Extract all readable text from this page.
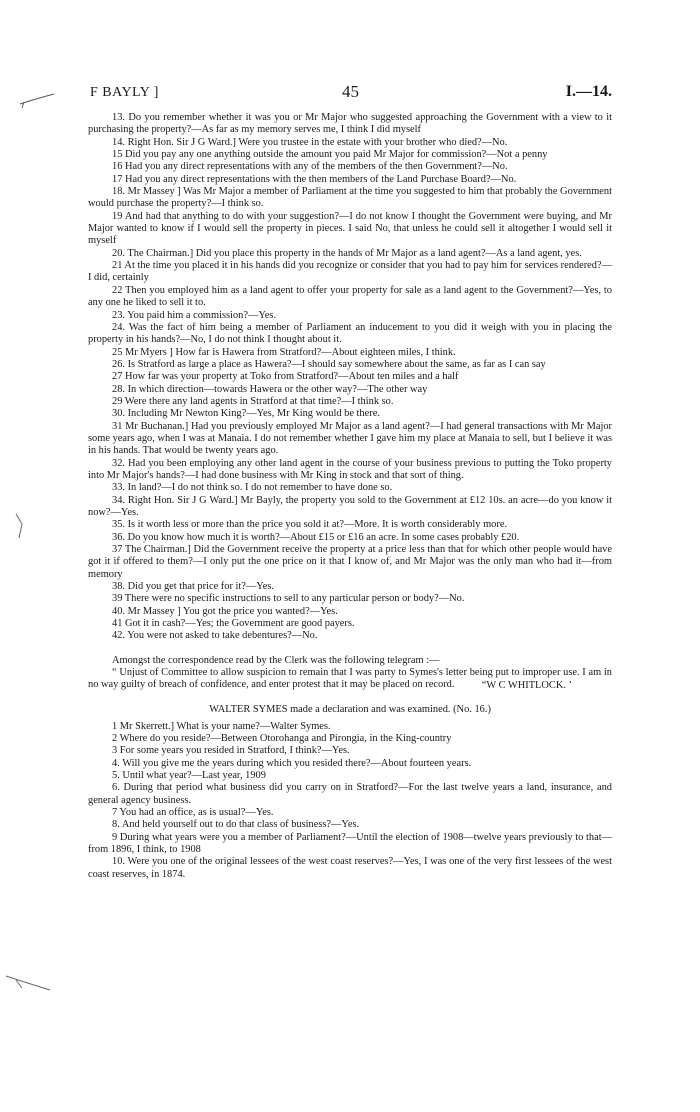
F BAYLY ]	45	I.—14.

13. Do you remember whether it was you or Mr Major who suggested approaching the Government with a view to it purchasing the property?—As far as my memory serves me, I think I did myself

14. Right Hon. Sir J G Ward.] Were you trustee in the estate with your brother who died?—No.

15 Did you pay any one anything outside the amount you paid Mr Major for commission?—Not a penny

16 Had you any direct representations with any of the members of the then Government?—No.

17 Had you any direct representations with the then members of the Land Purchase Board?—No.

18. Mr Massey ] Was Mr Major a member of Parliament at the time you suggested to him that probably the Government would purchase the property?—I think so.

19 And had that anything to do with your suggestion?—I do not know I thought the Government were buying, and Mr Major wanted to know if I would sell the property in pieces. I said No, that unless he could sell it altogether I would sell it myself

20. The Chairman.] Did you place this property in the hands of Mr Major as a land agent?—As a land agent, yes.

21 At the time you placed it in his hands did you recognize or consider that you had to pay him for services rendered?—I did, certainly

22 Then you employed him as a land agent to offer your property for sale as a land agent to the Government?—Yes, to any one he liked to sell it to.

23. You paid him a commission?—Yes.

24. Was the fact of him being a member of Parliament an inducement to you did it weigh with you in placing the property in his hands?—No, I do not think I thought about it.

25 Mr Myers ] How far is Hawera from Stratford?—About eighteen miles, I think.

26. Is Stratford as large a place as Hawera?—I should say somewhere about the same, as far as I can say

27 How far was your property at Toko from Stratford?—About ten miles and a half

28. In which direction—towards Hawera or the other way?—The other way

29 Were there any land agents in Stratford at that time?—I think so.

30. Including Mr Newton King?—Yes, Mr King would be there.

31 Mr Buchanan.] Had you previously employed Mr Major as a land agent?—I had general transactions with Mr Major some years ago, when I was at Manaia. I do not remember whether I gave him my place at Manaia to sell, but I believe it was in his hands. That would be twenty years ago.

32. Had you been employing any other land agent in the course of your business previous to putting the Toko property into Mr Major's hands?—I had done business with Mr King in stock and that sort of thing.

33. In land?—I do not think so. I do not remember to have done so.

34. Right Hon. Sir J G Ward.] Mr Bayly, the property you sold to the Government at £12 10s. an acre—do you know it now?—Yes.

35. Is it worth less or more than the price you sold it at?—More. It is worth considerably more.

36. Do you know how much it is worth?—About £15 or £16 an acre. In some cases probably £20.

37 The Chairman.] Did the Government receive the property at a price less than that for which other people would have got it if offered to them?—I only put the one price on it that I know of, and Mr Major was the only man who had it—from memory

38. Did you get that price for it?—Yes.

39 There were no specific instructions to sell to any particular person or body?—No.

40. Mr Massey ] You got the price you wanted?—Yes.

41 Got it in cash?—Yes; the Government are good payers.

42. You were not asked to take debentures?—No.

Amongst the correspondence read by the Clerk was the following telegram :—

“ Unjust of Committee to allow suspicion to remain that I was party to Symes's letter being put to improper use. I am in no way guilty of breach of confidence, and enter protest that it may be placed on record.	“W C WHITLOCK. ’

WALTER SYMES made a declaration and was examined. (No. 16.)

1 Mr Skerrett.] What is your name?—Walter Symes.

2 Where do you reside?—Between Otorohanga and Pirongia, in the King-country

3 For some years you resided in Stratford, I think?—Yes.

4. Will you give me the years during which you resided there?—About fourteen years.

5. Until what year?—Last year, 1909

6. During that period what business did you carry on in Stratford?—For the last twelve years a land, insurance, and general agency business.

7 You had an office, as is usual?—Yes.

8. And held yourself out to do that class of business?—Yes.

9 During what years were you a member of Parliament?—Until the election of 1908—twelve years previously to that—from 1896, I think, to 1908

10. Were you one of the original lessees of the west coast reserves?—Yes, I was one of the very first lessees of the west coast reserves, in 1874.
